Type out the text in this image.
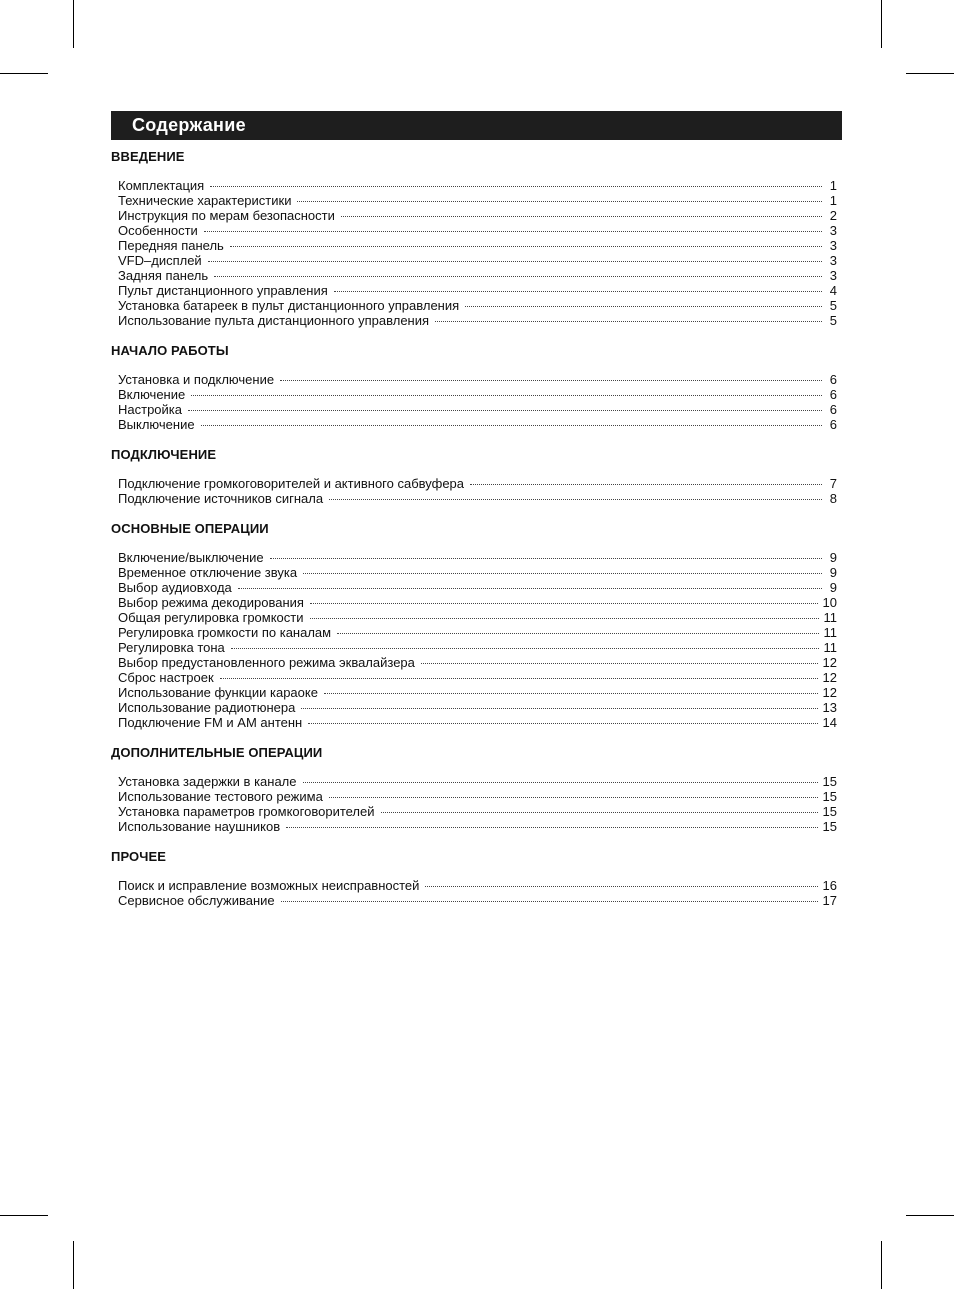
Содержание
ВВЕДЕНИЕ
Комплектация	1
Технические характеристики	1
Инструкция по мерам безопасности	2
Особенности	3
Передняя панель	3
VFD–дисплей	3
Задняя панель	3
Пульт дистанционного управления	4
Установка батареек в пульт дистанционного управления	5
Использование пульта дистанционного управления	5
НАЧАЛО РАБОТЫ
Установка и подключение	6
Включение	6
Настройка	6
Выключение	6
ПОДКЛЮЧЕНИЕ
Подключение громкоговорителей и активного сабвуфера	7
Подключение источников сигнала	8
ОСНОВНЫЕ ОПЕРАЦИИ
Включение/выключение	9
Временное отключение звука	9
Выбор аудиовхода	9
Выбор режима декодирования	10
Общая регулировка громкости	11
Регулировка громкости по каналам	11
Регулировка тона	11
Выбор предустановленного режима эквалайзера	12
Сброс настроек	12
Использование функции караоке	12
Использование радиотюнера	13
Подключение FM и AM антенн	14
ДОПОЛНИТЕЛЬНЫЕ ОПЕРАЦИИ
Установка задержки в канале	15
Использование тестового режима	15
Установка параметров громкоговорителей	15
Использование наушников	15
ПРОЧЕЕ
Поиск и исправление возможных неисправностей	16
Сервисное обслуживание	17
